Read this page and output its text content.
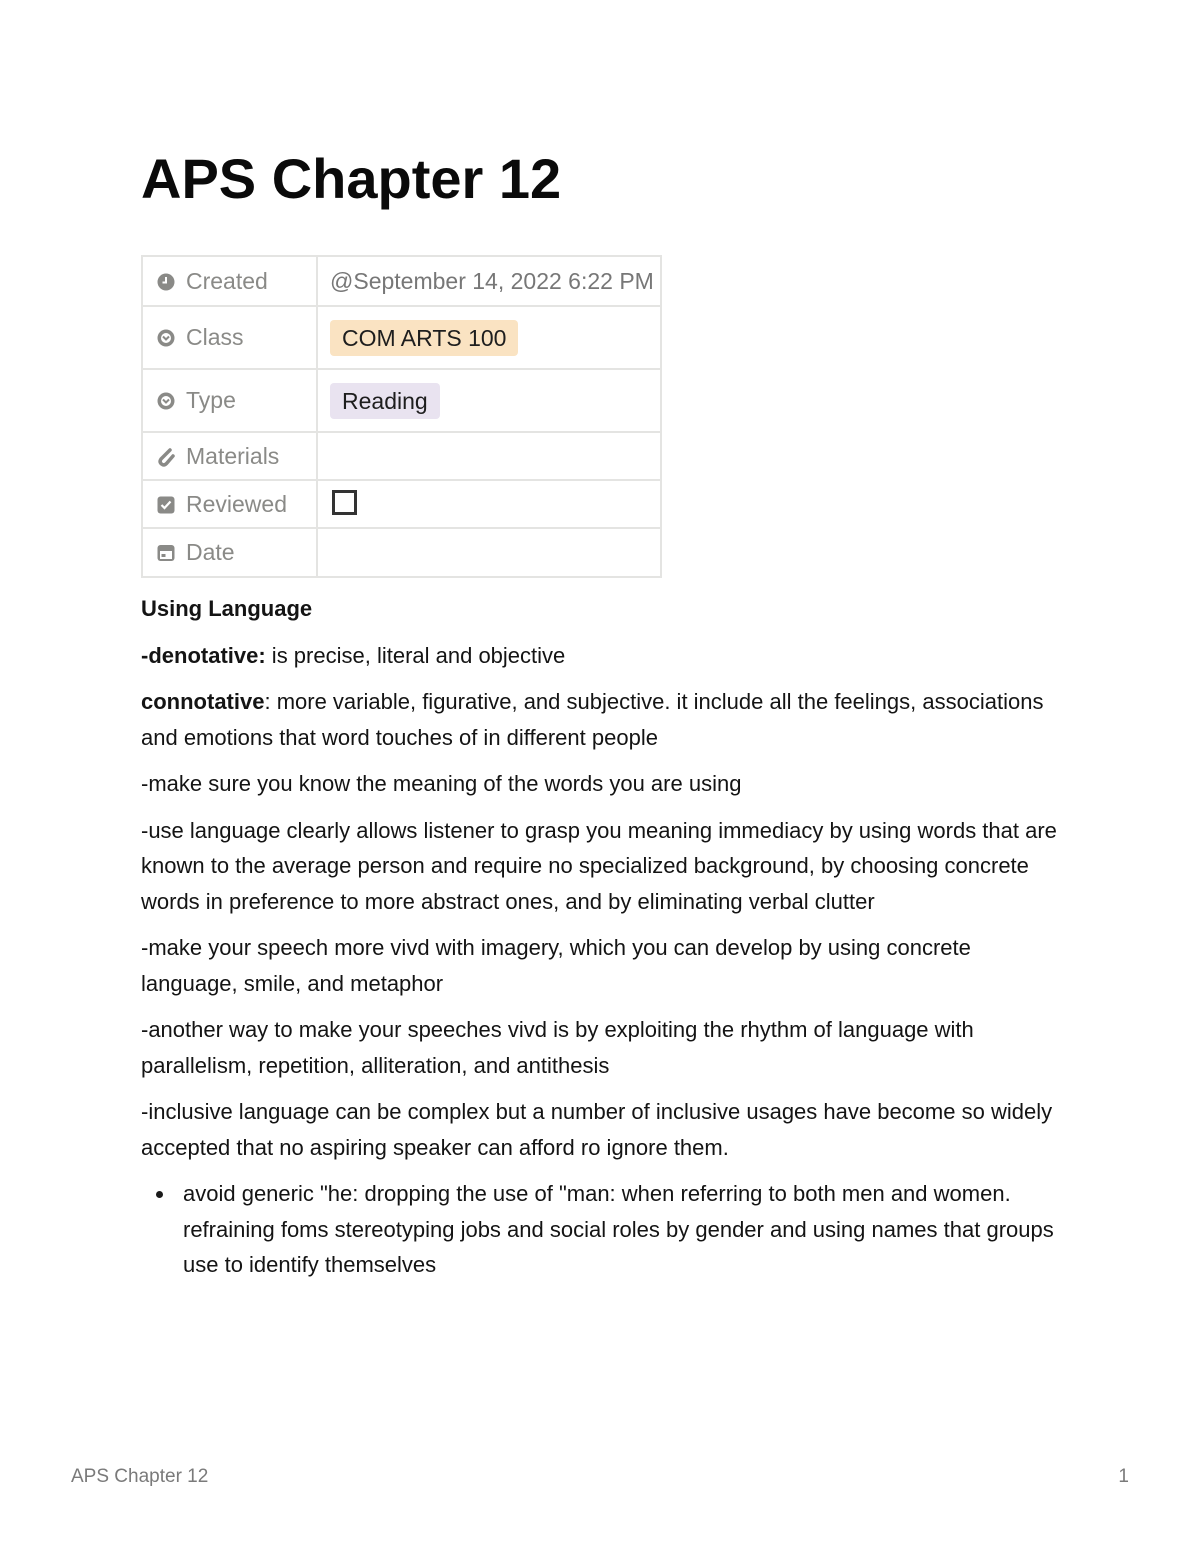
APS Chapter 12
Created	@September 14, 2022 6:22 PM

Class	COM ARTS 100

Type	Reading

Materials	

Reviewed	

Date	

Using Language

-denotative: is precise, literal and objective

connotative: more variable, figurative, and subjective. it include all the feelings, associations and emotions that word touches of in different people

-make sure you know the meaning of the words you are using

-use language clearly allows listener to grasp you meaning immediacy by using words that are known to the average person and require no specialized background, by choosing concrete words in preference to more abstract ones, and by eliminating verbal clutter

-make your speech more vivd with imagery, which you can develop by using concrete language, smile, and metaphor

-another way to make your speeches vivd is by exploiting the rhythm of language with parallelism, repetition, alliteration, and antithesis

-inclusive language can be complex but a number of inclusive usages have become so widely accepted that no aspiring speaker can afford ro ignore them.

avoid generic "he: dropping the use of "man: when referring to both men and women. refraining foms stereotyping jobs and social roles by gender and using names that groups use to identify themselves
APS Chapter 12	1
